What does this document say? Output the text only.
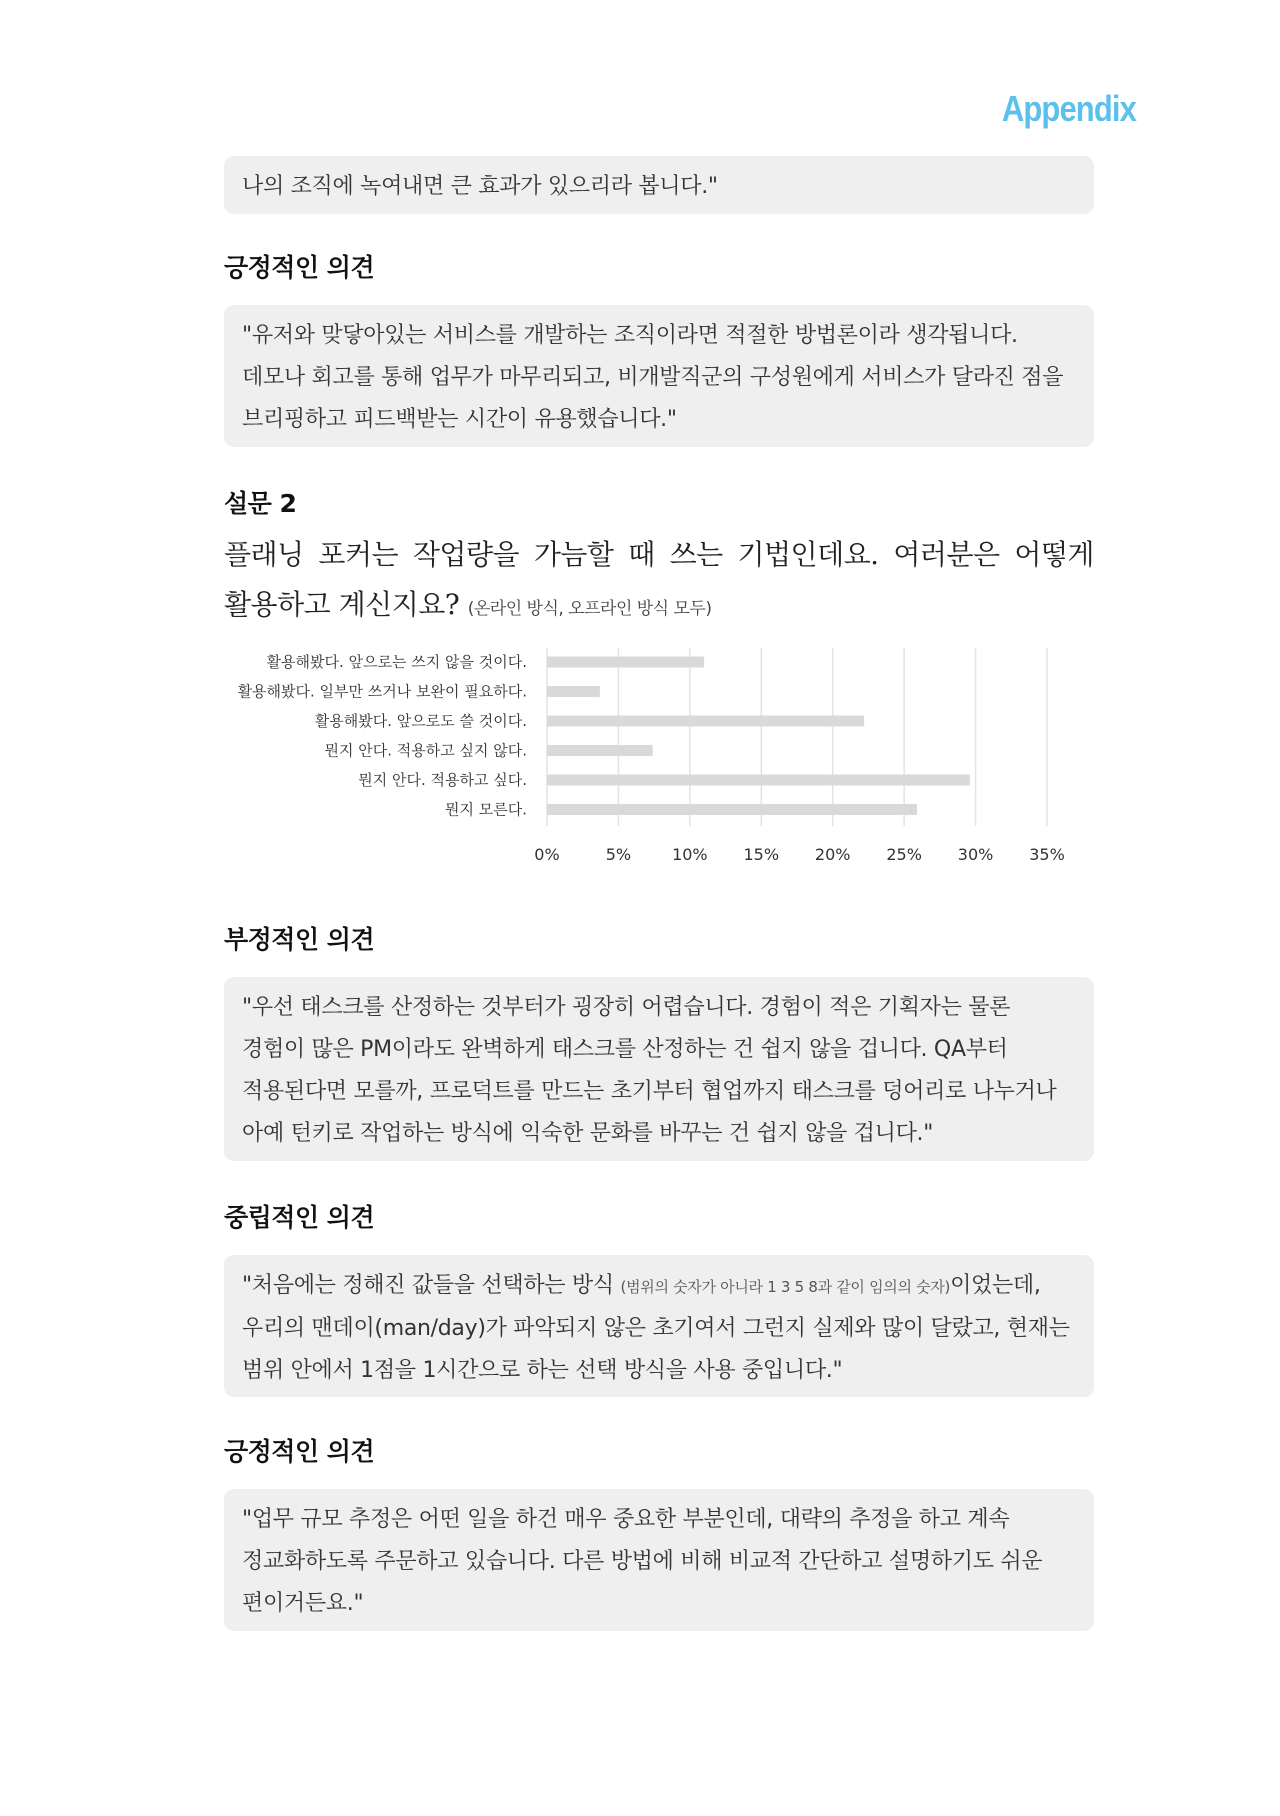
Appendix
나의 조직에 녹여내면 큰 효과가 있으리라 봅니다."
긍정적인 의견
"유저와 맞닿아있는 서비스를 개발하는 조직이라면 적절한 방법론이라 생각됩니다.
데모나 회고를 통해 업무가 마무리되고, 비개발직군의 구성원에게 서비스가 달라진 점을
브리핑하고 피드백받는 시간이 유용했습니다."
설문 2
플래닝 포커는 작업량을 가늠할 때 쓰는 기법인데요. 여러분은 어떻게
활용하고 계신지요? (온라인 방식, 오프라인 방식 모두)
0%	5%	10% 15% 20% 25% 30% 35%
활용해봤다. 앞으로는 쓰지 않을 것이다.
활용해봤다. 일부만 쓰거나 보완이 필요하다.
활용해봤다. 앞으로도 쓸 것이다.
뭔지 안다. 적용하고 싶지 않다.
뭔지 안다. 적용하고 싶다.
뭔지 모른다.
부정적인 의견
"우선 태스크를 산정하는 것부터가 굉장히 어렵습니다. 경험이 적은 기획자는 물론
경험이 많은 PM이라도 완벽하게 태스크를 산정하는 건 쉽지 않을 겁니다. QA부터
적용된다면 모를까, 프로덕트를 만드는 초기부터 협업까지 태스크를 덩어리로 나누거나
아예 턴키로 작업하는 방식에 익숙한 문화를 바꾸는 건 쉽지 않을 겁니다."
중립적인 의견
"처음에는 정해진 값들을 선택하는 방식 (범위의 숫자가 아니라 1 3 5 8과 같이 임의의 숫자)이었는데,
우리의 맨데이(man/day)가 파악되지 않은 초기여서 그런지 실제와 많이 달랐고, 현재는
범위 안에서 1점을 1시간으로 하는 선택 방식을 사용 중입니다."
긍정적인 의견
"업무 규모 추정은 어떤 일을 하건 매우 중요한 부분인데, 대략의 추정을 하고 계속
정교화하도록 주문하고 있습니다. 다른 방법에 비해 비교적 간단하고 설명하기도 쉬운
편이거든요."
